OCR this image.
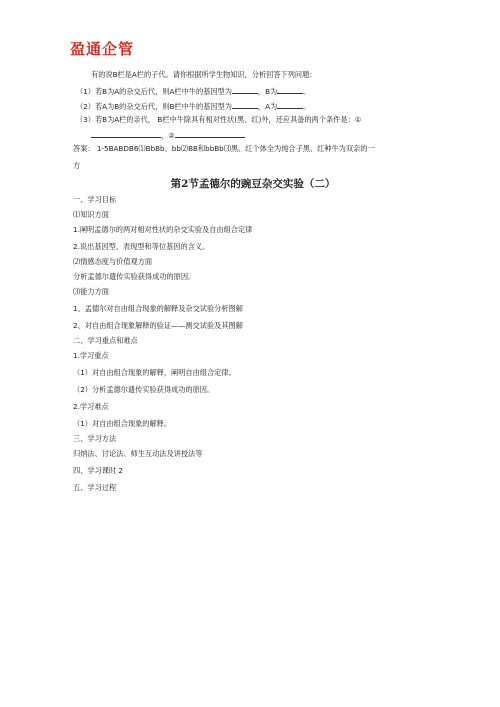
盈通企管

有的说B栏是A栏的子代。请你根据所学生物知识，分析回答下列问题：

（1）若B为A的杂交后代，则A栏中牛的基因型为	，B为	。

（2）若A为B的杂交后代，则B栏中牛的基因型为	，A为	。

（3）若B为A栏的亲代， B栏中牛除具有相对性状(黑、红)外，还应具备的两个条件是：①

，②

答案： 1-5BABDB6⑴BbBb、bb⑵BB和bbBb⑶黑、红个体全为纯合子黑、红种牛为双亲的一

方

第2节孟德尔的豌豆杂交实验（二）

一、学习目标

⑴知识方面

1.阐明孟德尔的两对相对性状的杂交实验及自由组合定律

2.说出基因型、表现型和等位基因的含义。

⑵情感态度与价值观方面

分析孟德尔遗传实验获得成功的原因。

⑶能力方面

1、孟德尔对自由组合现象的解释及杂交试验分析图解

2、对自由组合现象解释的验证——测交试验及其图解

二、学习重点和难点

1.学习重点

（1）对自由组合现象的解释，阐明自由组合定律。

（2）分析孟德尔遗传实验获得成功的原因。

2.学习难点

（1）对自由组合现象的解释。

三、学习方法

归纳法、讨论法、师生互动法及讲授法等

四、学习课时 2

五、学习过程
